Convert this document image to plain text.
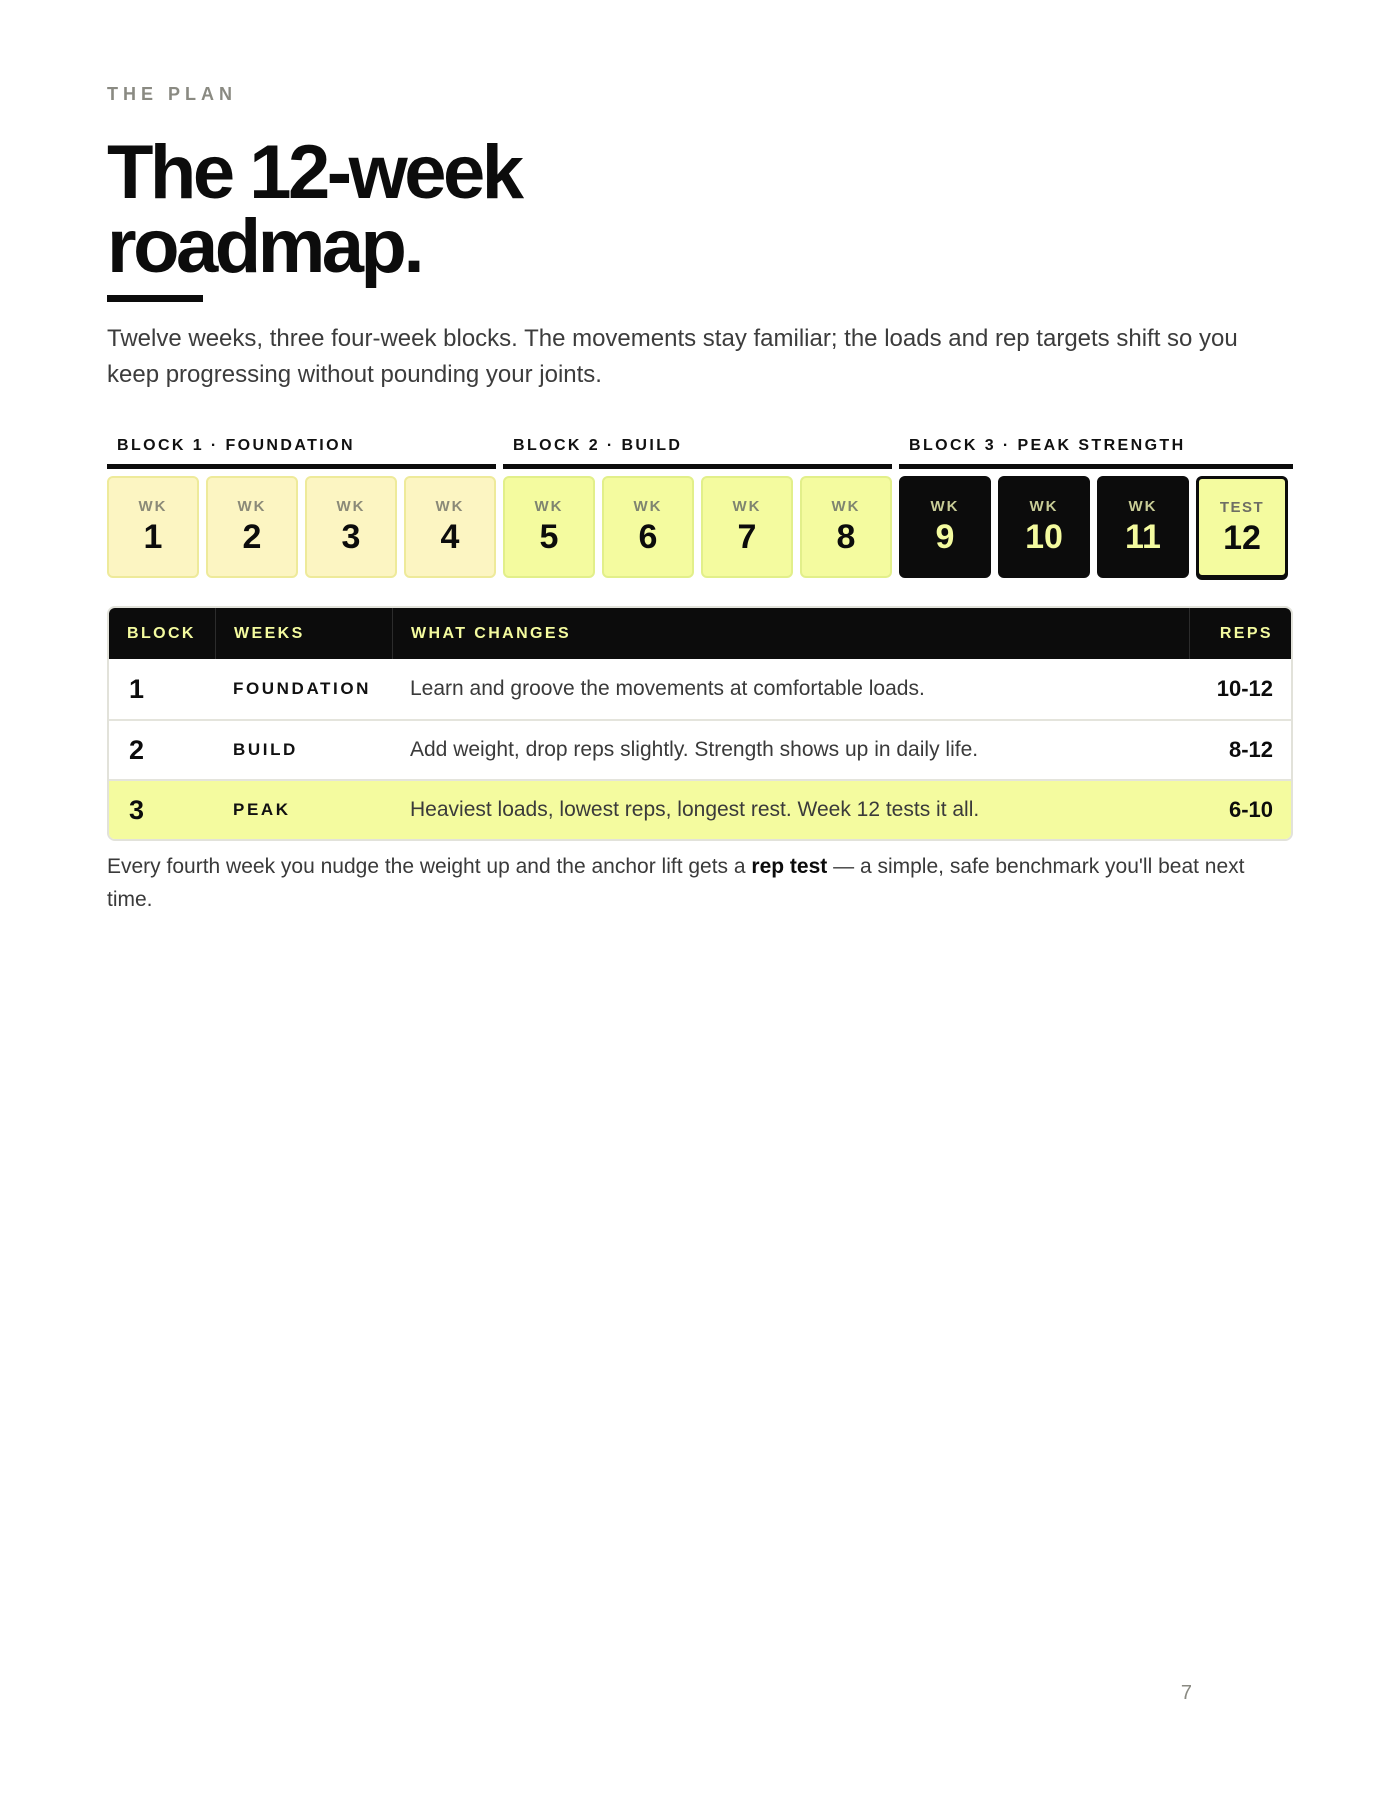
THE PLAN
The 12-week
roadmap.

Twelve weeks, three four-week blocks. The movements stay familiar; the loads and rep targets shift so you keep progressing without pounding your joints.

BLOCK 1 · FOUNDATION
WK
1
WK
2
WK
3
WK
4
BLOCK 2 · BUILD
WK
5
WK
6
WK
7
WK
8
BLOCK 3 · PEAK STRENGTH
WK
9
WK
10
WK
11
TEST
12
BLOCK	WEEKS	WHAT CHANGES	REPS
1	FOUNDATION	Learn and groove the movements at comfortable loads.	10-12
2	BUILD	Add weight, drop reps slightly. Strength shows up in daily life.	8-12
3	PEAK	Heaviest loads, lowest reps, longest rest. Week 12 tests it all.	6-10

Every fourth week you nudge the weight up and the anchor lift gets a rep test — a simple, safe benchmark you'll beat next time.

7
